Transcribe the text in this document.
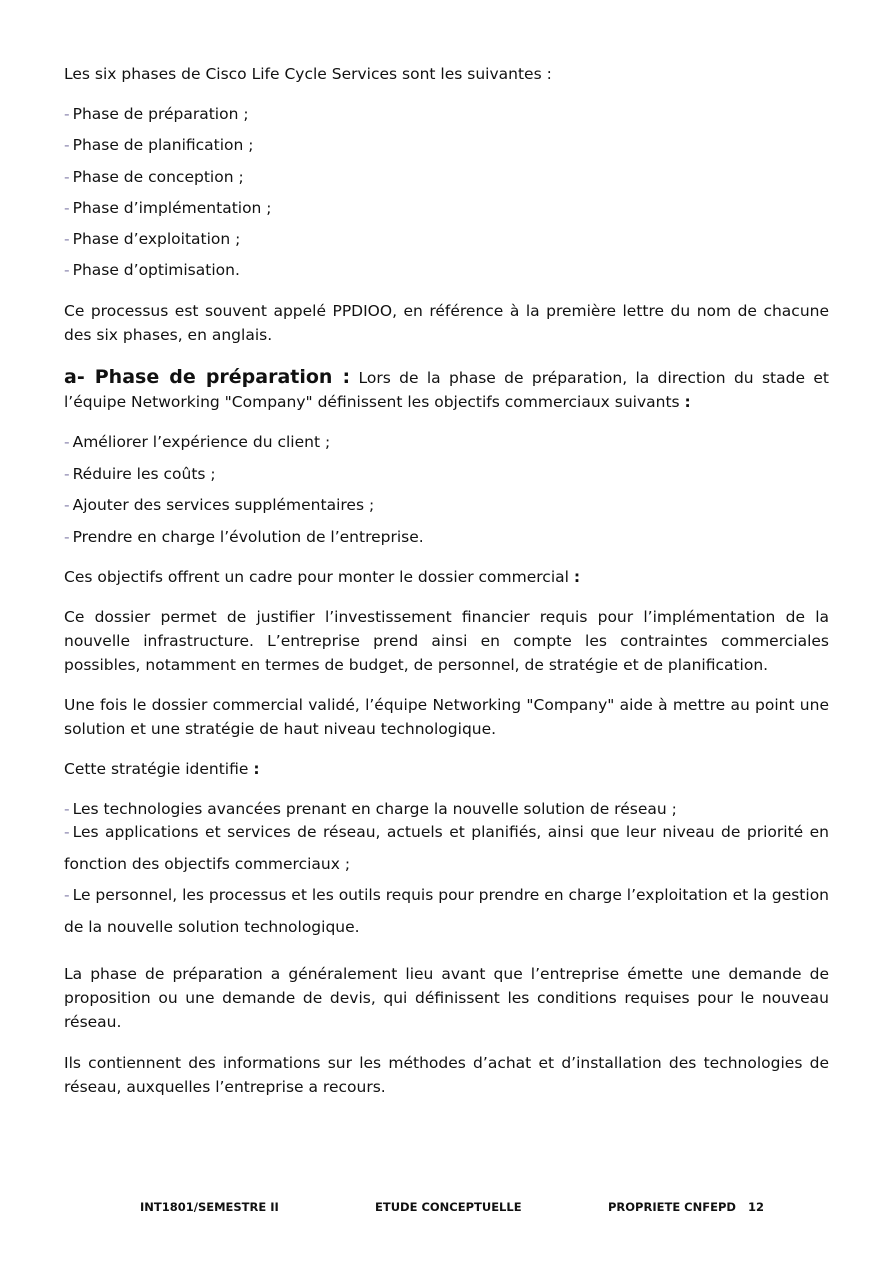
Les six phases de Cisco Life Cycle Services sont les suivantes :

- Phase de préparation ;
- Phase de planification ;
- Phase de conception ;
- Phase d’implémentation ;
- Phase d’exploitation ;
- Phase d’optimisation.

Ce processus est souvent appelé PPDIOO, en référence à la première lettre du nom de chacune des six phases, en anglais.

a- Phase de préparation : Lors de la phase de préparation, la direction du stade et l’équipe Networking "Company" définissent les objectifs commerciaux suivants :

- Améliorer l’expérience du client ;
- Réduire les coûts ;
- Ajouter des services supplémentaires ;
- Prendre en charge l’évolution de l’entreprise.

Ces objectifs offrent un cadre pour monter le dossier commercial :

Ce dossier permet de justifier l’investissement financier requis pour l’implémentation de la nouvelle infrastructure. L’entreprise prend ainsi en compte les contraintes commerciales possibles, notamment en termes de budget, de personnel, de stratégie et de planification.

Une fois le dossier commercial validé, l’équipe Networking "Company" aide à mettre au point une solution et une stratégie de haut niveau technologique.

Cette stratégie identifie :

- Les technologies avancées prenant en charge la nouvelle solution de réseau ;
- Les applications et services de réseau, actuels et planifiés, ainsi que leur niveau de priorité en fonction des objectifs commerciaux ;
- Le personnel, les processus et les outils requis pour prendre en charge l’exploitation et la gestion de la nouvelle solution technologique.

La phase de préparation a généralement lieu avant que l’entreprise émette une demande de proposition ou une demande de devis, qui définissent les conditions requises pour le nouveau réseau.

Ils contiennent des informations sur les méthodes d’achat et d’installation des technologies de réseau, auxquelles l’entreprise a recours.

INT1801/SEMESTRE II	ETUDE CONCEPTUELLE	PROPRIETE CNFEPD 12
